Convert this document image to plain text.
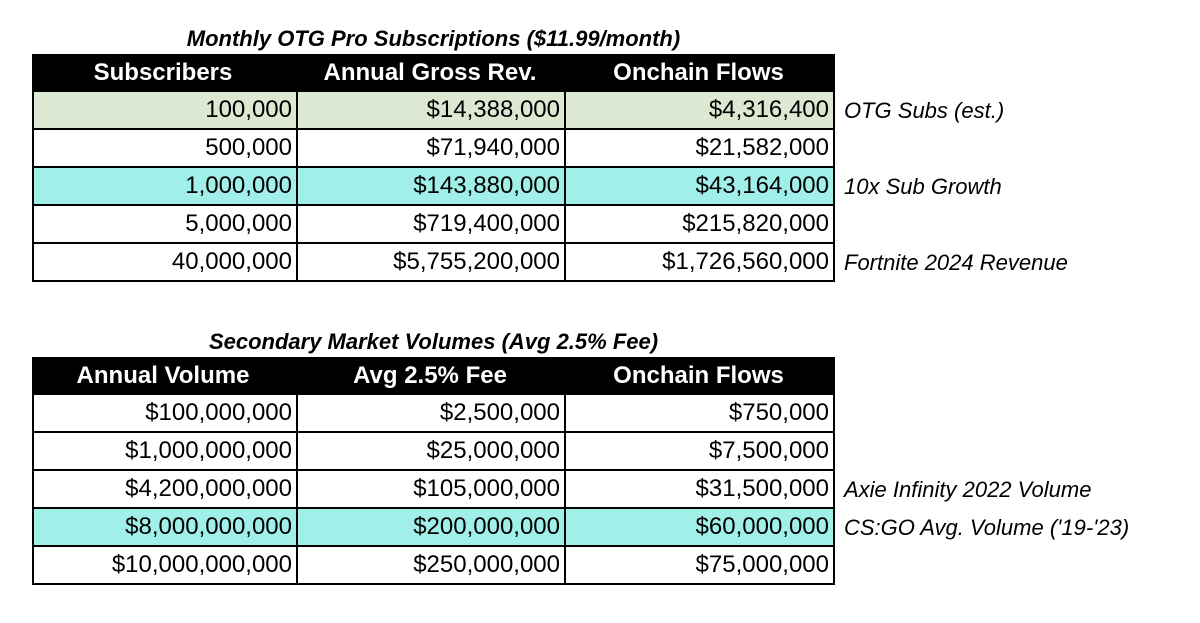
Monthly OTG Pro Subscriptions ($11.99/month)
Subscribers	Annual Gross Rev.	Onchain Flows
100,000	$14,388,000	$4,316,400 OTG Subs (est.)
500,000	$71,940,000	$21,582,000
1,000,000	$143,880,000	$43,164,000 10x Sub Growth
5,000,000	$719,400,000	$215,820,000
40,000,000	$5,755,200,000	$1,726,560,000 Fortnite 2024 Revenue
Secondary Market Volumes (Avg 2.5% Fee)
Annual Volume	Avg 2.5% Fee	Onchain Flows
$100,000,000	$2,500,000	$750,000
$1,000,000,000	$25,000,000	$7,500,000
$4,200,000,000	$105,000,000	$31,500,000 Axie Infinity 2022 Volume
$8,000,000,000	$200,000,000	$60,000,000 CS:GO Avg. Volume ('19-'23)
$10,000,000,000	$250,000,000	$75,000,000
